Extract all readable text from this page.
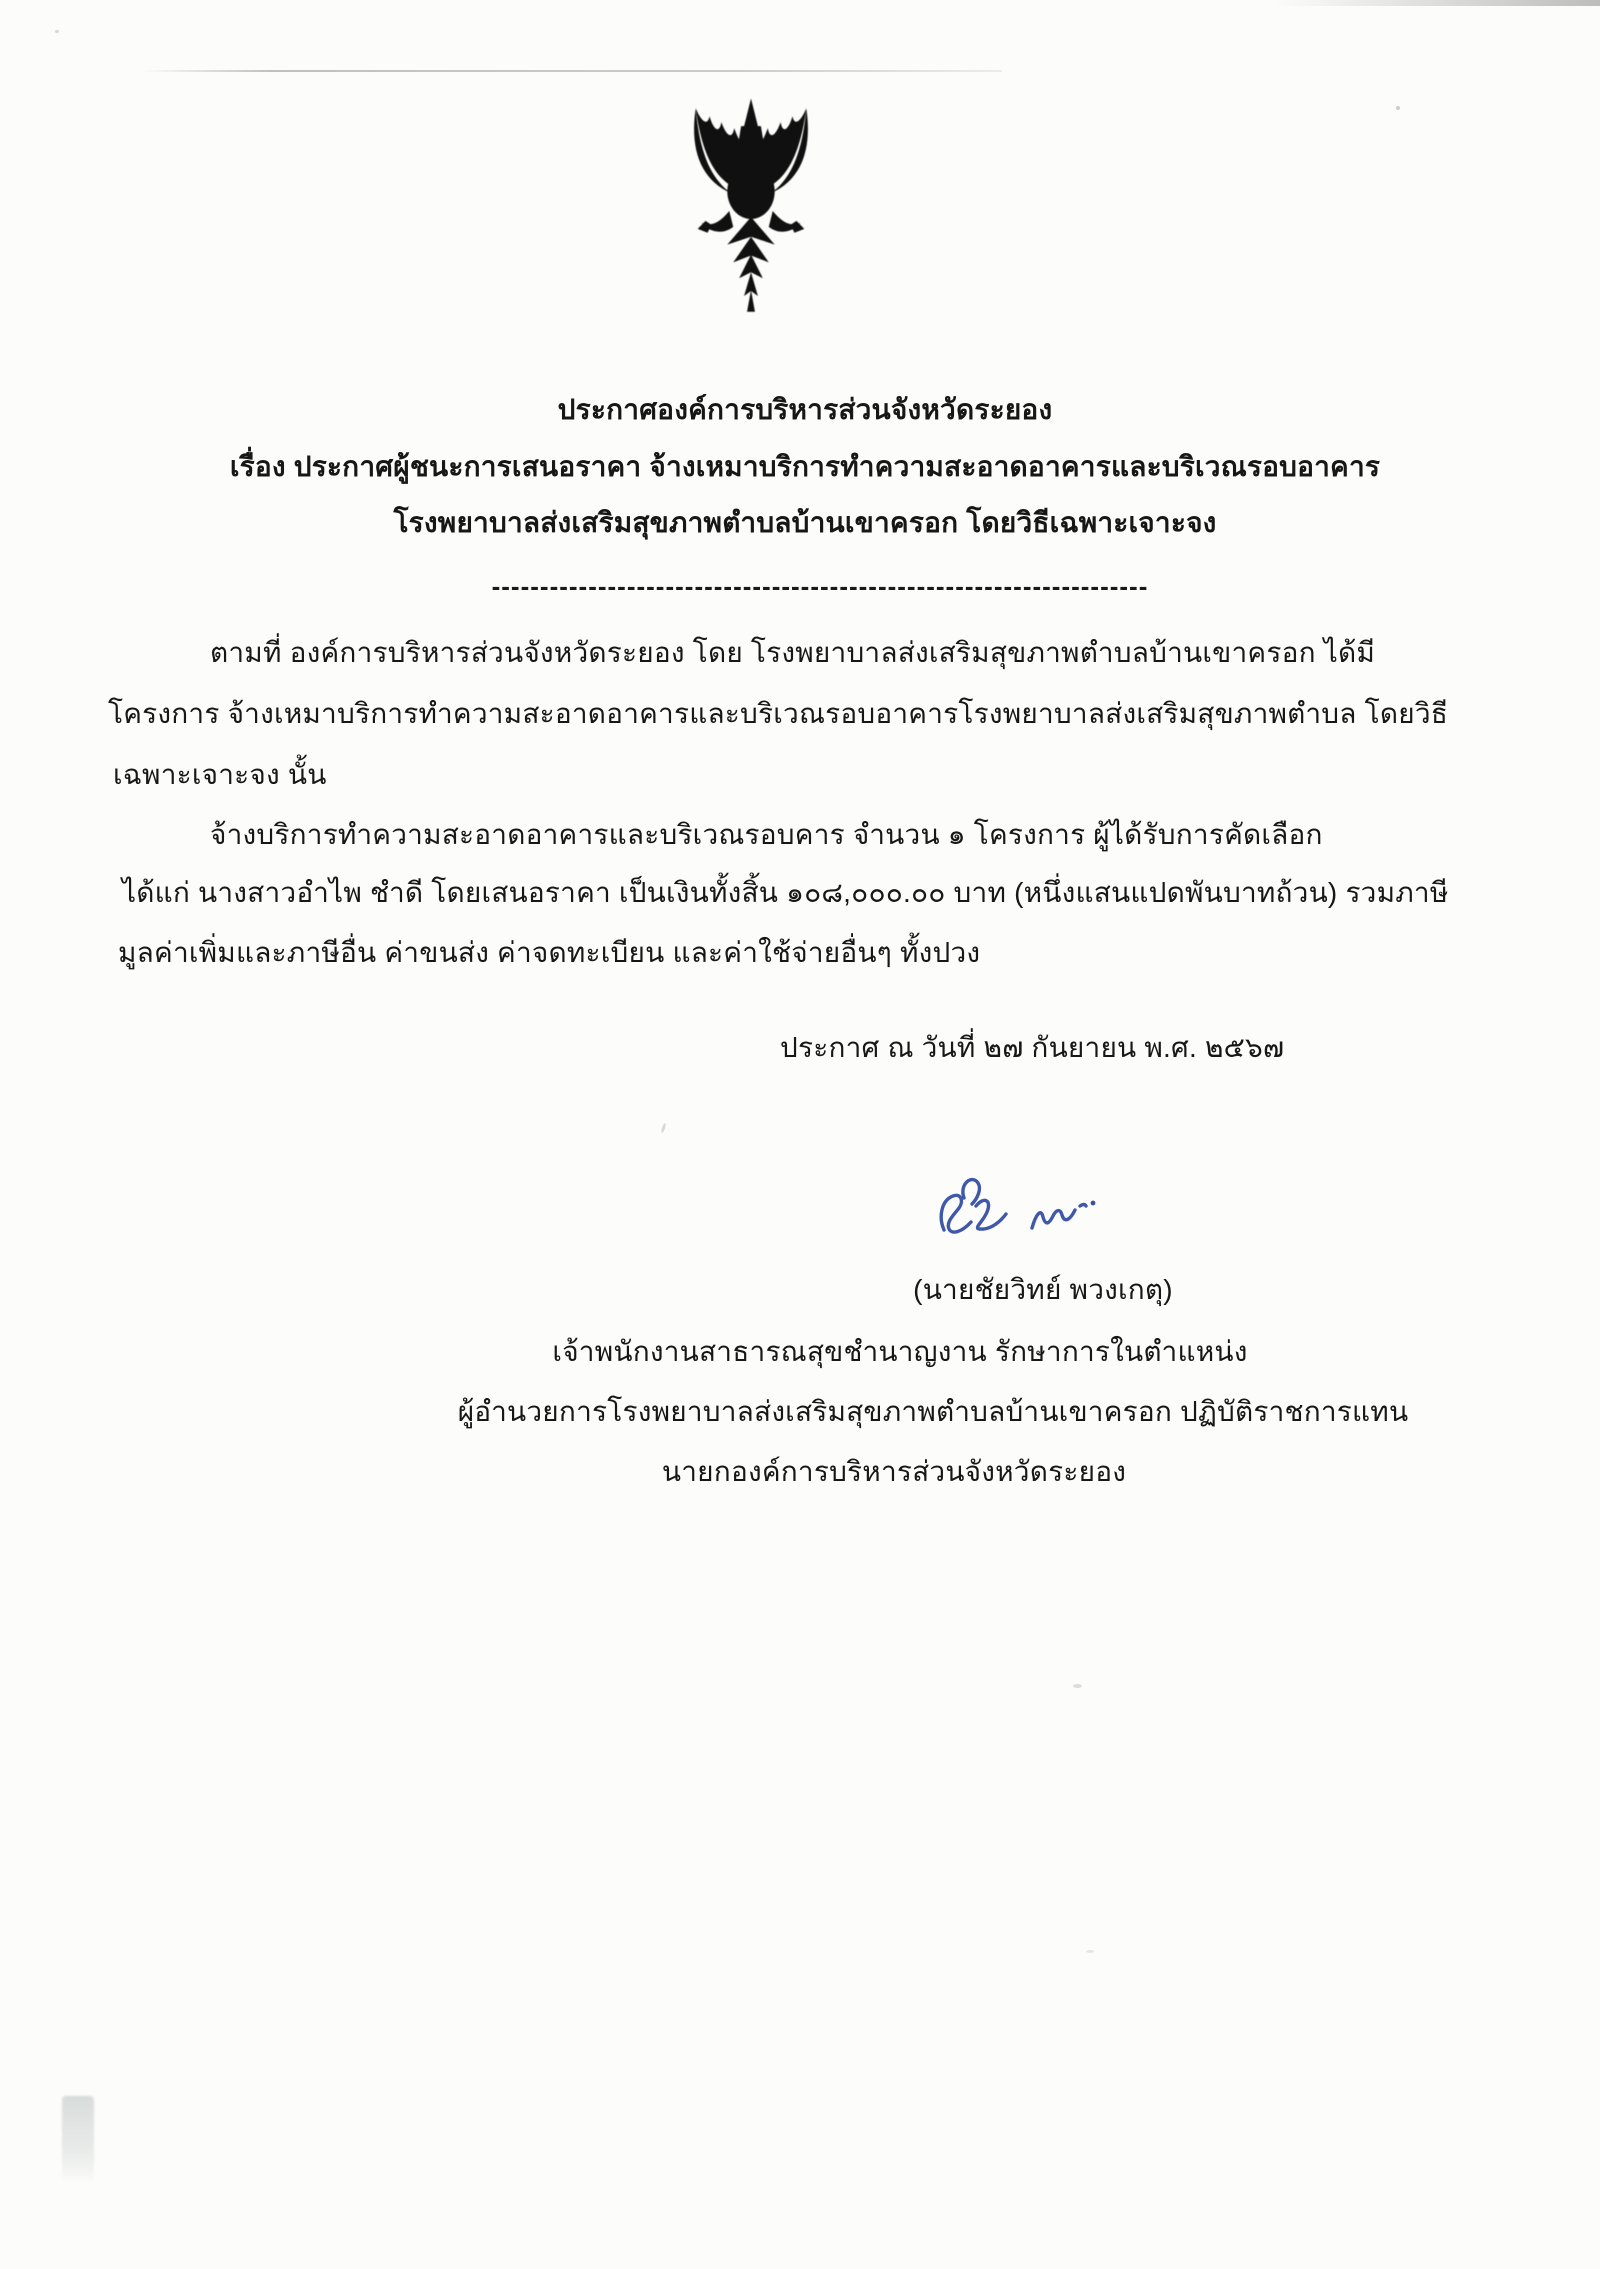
ประกาศองค์การบริหารส่วนจังหวัดระยอง
เรื่อง ประกาศผู้ชนะการเสนอราคา จ้างเหมาบริการทำความสะอาดอาคารและบริเวณรอบอาคาร
โรงพยาบาลส่งเสริมสุขภาพตำบลบ้านเขาครอก โดยวิธีเฉพาะเจาะจง
--------------------------------------------------------------------
ตามที่ องค์การบริหารส่วนจังหวัดระยอง โดย โรงพยาบาลส่งเสริมสุขภาพตำบลบ้านเขาครอก ได้มี
โครงการ จ้างเหมาบริการทำความสะอาดอาคารและบริเวณรอบอาคารโรงพยาบาลส่งเสริมสุขภาพตำบล โดยวิธี
เฉพาะเจาะจง นั้น
จ้างบริการทำความสะอาดอาคารและบริเวณรอบคาร จำนวน ๑ โครงการ ผู้ได้รับการคัดเลือก
ได้แก่ นางสาวอำไพ ชำดี โดยเสนอราคา เป็นเงินทั้งสิ้น ๑๐๘,๐๐๐.๐๐ บาท (หนึ่งแสนแปดพันบาทถ้วน) รวมภาษี
มูลค่าเพิ่มและภาษีอื่น ค่าขนส่ง ค่าจดทะเบียน และค่าใช้จ่ายอื่นๆ ทั้งปวง
ประกาศ ณ วันที่ ๒๗ กันยายน พ.ศ. ๒๕๖๗
(นายชัยวิทย์ พวงเกตุ)
เจ้าพนักงานสาธารณสุขชำนาญงาน รักษาการในตำแหน่ง
ผู้อำนวยการโรงพยาบาลส่งเสริมสุขภาพตำบลบ้านเขาครอก ปฏิบัติราชการแทน
นายกองค์การบริหารส่วนจังหวัดระยอง
